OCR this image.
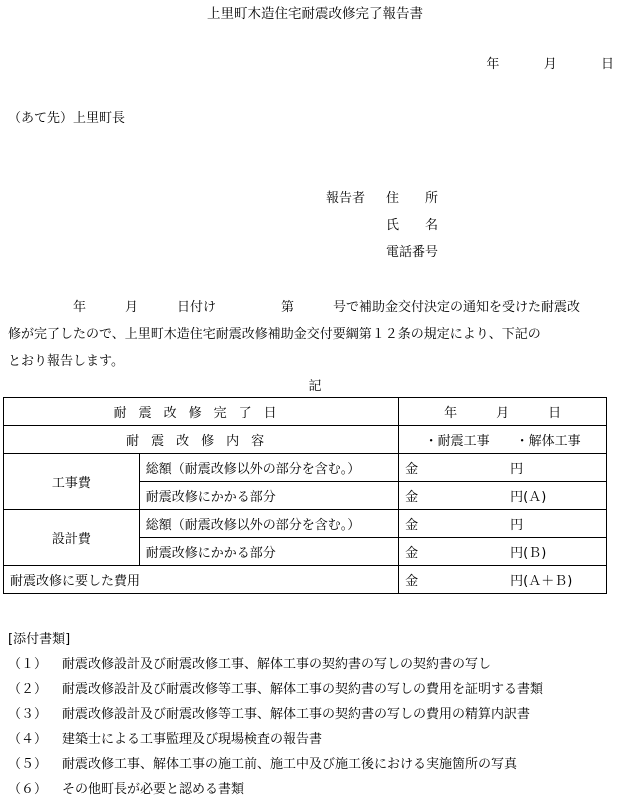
上里町木造住宅耐震改修完了報告書
年	月	日
（あて先）上里町長
報告者 住　　所
氏　　名
電話番号

　　　　　年　　　月　　　日付け　　　　　第　　　号で補助金交付決定の通知を受けた耐震改

修が完了したので、上里町木造住宅耐震改修補助金交付要綱第１２条の規定により、下記の

とおり報告します。

記
耐震改修完了日		年　　　月　　　日
耐震改修内容		・耐震工事　　・解体工事
工事費	総額（耐震改修以外の部分を含む。）	金 円

	耐震改修にかかる部分	金 円(Ａ)

設計費	総額（耐震改修以外の部分を含む。）	金 円

	耐震改修にかかる部分	金 円(Ｂ)

耐震改修に要した費用		金 円(Ａ＋Ｂ)
[添付書類]
（１） 耐震改修設計及び耐震改修工事、解体工事の契約書の写しの契約書の写し
（２） 耐震改修設計及び耐震改修等工事、解体工事の契約書の写しの費用を証明する書類
（３） 耐震改修設計及び耐震改修等工事、解体工事の契約書の写しの費用の精算内訳書
（４） 建築士による工事監理及び現場検査の報告書
（５） 耐震改修工事、解体工事の施工前、施工中及び施工後における実施箇所の写真
（６） その他町長が必要と認める書類
